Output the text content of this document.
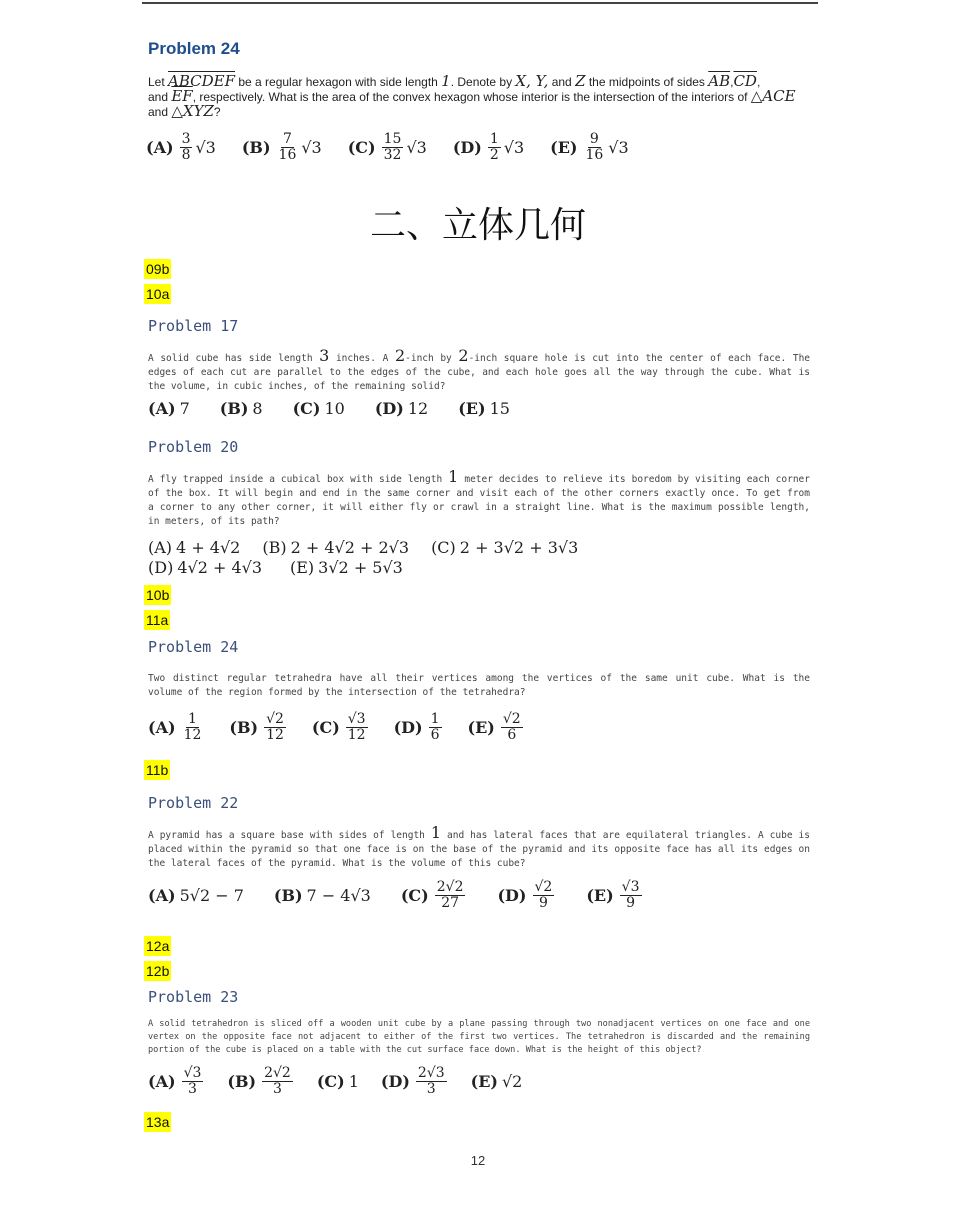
Problem 24
Let ABCDEF be a regular hexagon with side length 1. Denote by X, Y, and Z the midpoints of sides $\overline{AB},\overline{CD}$,
and $\overline{EF}$, respectively. What is the area of the convex hexagon whose interior is the intersection of the interiors of △ACE and △XYZ?
$(A) \frac{3}{8} √3$ $(B) \frac{7}{16} √3$ $(C) \frac{15}{32} √3$ $(D) \frac{1}{2} √3$ $(E) \frac{9}{16} √3$
二、立体几何
09b
10a
Problem 17
A solid cube has side length 3 inches. A 2-inch by 2-inch square hole is cut into the center of each face. The edges of each cut are parallel to the edges of the cube, and each hole goes all the way through the cube. What is the volume, in cubic inches, of the remaining solid?
(A) 7 (B) 8 (C) 10 (D) 12 (E) 15
Problem 20
A fly trapped inside a cubical box with side length 1 meter decides to relieve its boredom by visiting each corner of the box. It will begin and end in the same corner and visit each of the other corners exactly once. To get from a corner to any other corner, it will either fly or crawl in a straight line. What is the maximum possible length, in meters, of its path?
(A) 4 + 4√2 (B) 2 + 4√2 + 2√3 (C) 2 + 3√2 + 3√3
(D) 4√2 + 4√3 (E) 3√2 + 5√3
10b
11a
Problem 24
Two distinct regular tetrahedra have all their vertices among the vertices of the same unit cube. What is the volume of the region formed by the intersection of the tetrahedra?
$(A) \frac{1}{12} (B) \frac{√2}{12} (C) \frac{√3}{12} (D) \frac{1}{6} (E) \frac{√2}{6}$
11b
Problem 22
A pyramid has a square base with sides of length 1 and has lateral faces that are equilateral triangles. A cube is placed within the pyramid so that one face is on the base of the pyramid and its opposite face has all its edges on the lateral faces of the pyramid. What is the volume of this cube?
(A) 5√2 − 7 (B) 7 − 4√3 $(C) \frac{2√2}{27} (D) \frac{√2}{9} (E) \frac{√3}{9}$
12a
12b
Problem 23
A solid tetrahedron is sliced off a wooden unit cube by a plane passing through two nonadjacent vertices on one face and one vertex on the opposite face not adjacent to either of the first two vertices. The tetrahedron is discarded and the remaining portion of the cube is placed on a table with the cut surface face down. What is the height of this object?
$(A) \frac{√3}{3} (B) \frac{2√2}{3} (C)$ 1 $(D) \frac{2√3}{3} (E)$ √2
13a
12
